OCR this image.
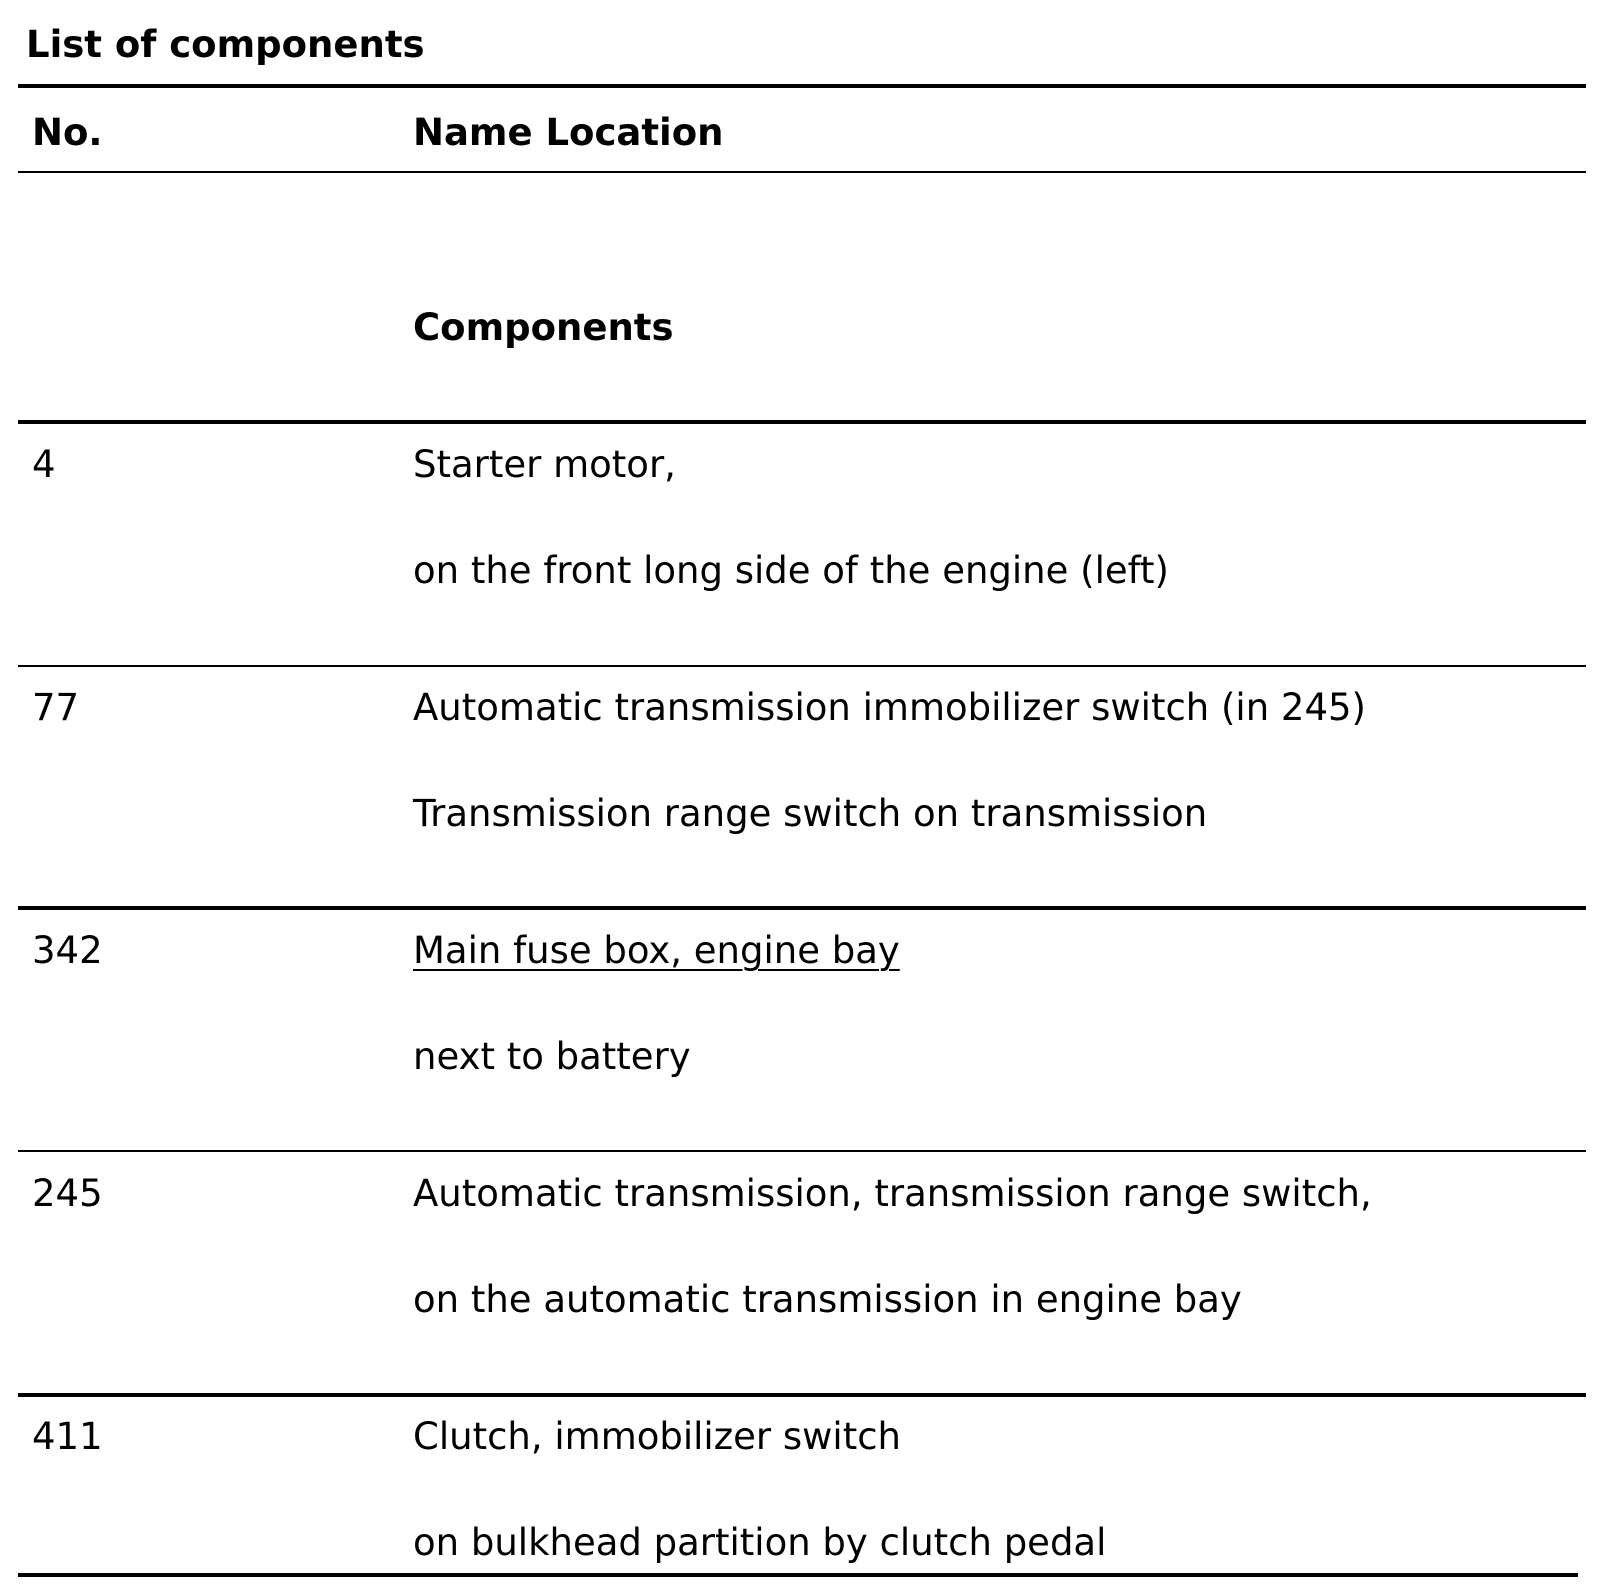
List of components
No.	Name Location
Components
4	Starter motor,
on the front long side of the engine (left)
77	Automatic transmission immobilizer switch (in 245)
Transmission range switch on transmission
342	Main fuse box, engine bay
next to battery
245	Automatic transmission, transmission range switch,
on the automatic transmission in engine bay
411	Clutch, immobilizer switch
on bulkhead partition by clutch pedal
